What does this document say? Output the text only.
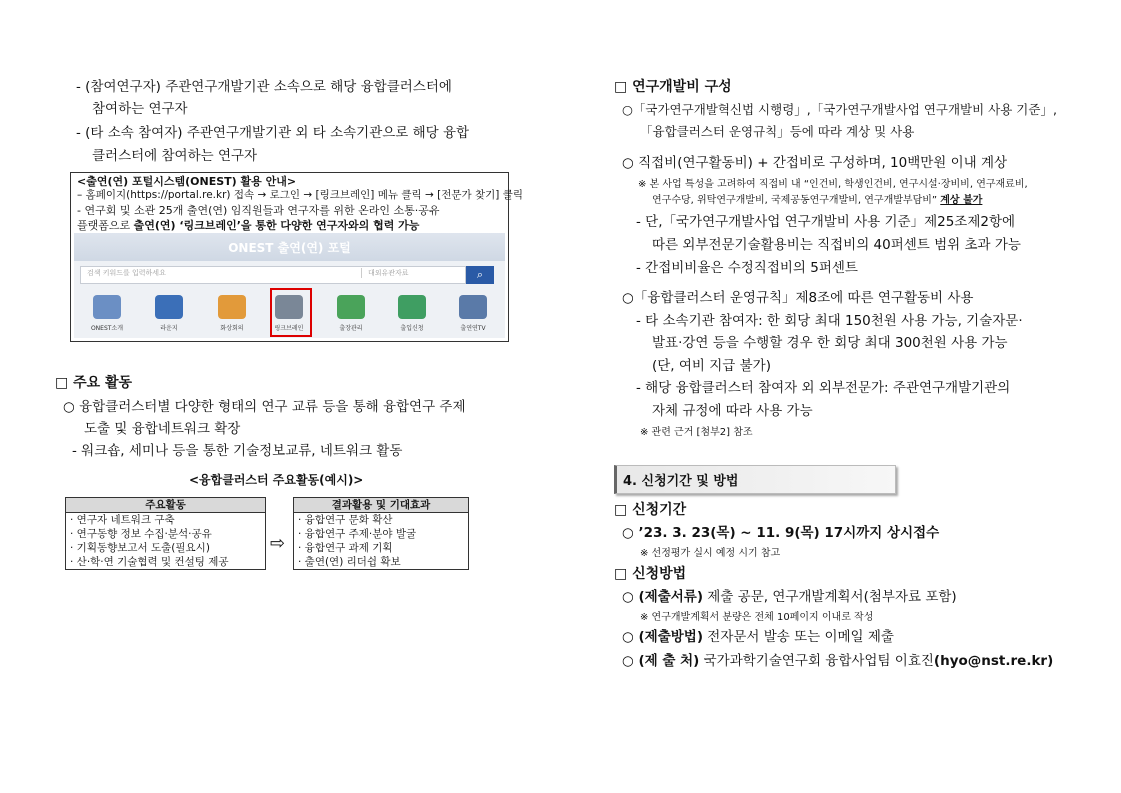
- (참여연구자) 주관연구개발기관 소속으로 해당 융합클러스터에
참여하는 연구자
- (타 소속 참여자) 주관연구개발기관 외 타 소속기관으로 해당 융합
클러스터에 참여하는 연구자
<출연(연) 포털시스템(ONEST) 활용 안내>
– 홈페이지(https://portal.re.kr) 접속 → 로그인 → [링크브레인] 메뉴 클릭 → [전문가 찾기] 클릭
- 연구회 및 소관 25개 출연(연) 임직원들과 연구자를 위한 온라인 소통·공유
플랫폼으로 출연(연) ‘링크브레인’을 통한 다양한 연구자와의 협력 가능
ONEST 출연(연) 포털
검색 키워드를 입력하세요	대외유관자료	⌕
ONEST소개	라운지	화상회의	링크브레인	출장관리	출입신청	출연연TV
□ 주요 활동
○ 융합클러스터별 다양한 형태의 연구 교류 등을 통해 융합연구 주제
도출 및 융합네트워크 확장
- 워크숍, 세미나 등을 통한 기술정보교류, 네트워크 활동
<융합클러스터 주요활동(예시)>
주요활동
· 연구자 네트워크 구축
· 연구동향 정보 수집·분석·공유
· 기획동향보고서 도출(필요시)
· 산·학·연 기술협력 및 컨설팅 제공
⇨
결과활용 및 기대효과
· 융합연구 문화 확산
· 융합연구 주제·분야 발굴
· 융합연구 과제 기획
· 출연(연) 리더쉽 확보
□ 연구개발비 구성
○「국가연구개발혁신법 시행령」,「국가연구개발사업 연구개발비 사용 기준」,
「융합클러스터 운영규칙」등에 따라 계상 및 사용
○ 직접비(연구활동비) + 간접비로 구성하며, 10백만원 이내 계상
※ 본 사업 특성을 고려하여 직접비 내 “인건비, 학생인건비, 연구시설·장비비, 연구재료비,
연구수당, 위탁연구개발비, 국제공동연구개발비, 연구개발부담비” 계상 불가
- 단,「국가연구개발사업 연구개발비 사용 기준」제25조제2항에
따른 외부전문기술활용비는 직접비의 40퍼센트 범위 초과 가능
- 간접비비율은 수정직접비의 5퍼센트
○「융합클러스터 운영규칙」제8조에 따른 연구활동비 사용
- 타 소속기관 참여자: 한 회당 최대 150천원 사용 가능, 기술자문·
발표·강연 등을 수행할 경우 한 회당 최대 300천원 사용 가능
(단, 여비 지급 불가)
- 해당 융합클러스터 참여자 외 외부전문가: 주관연구개발기관의
자체 규정에 따라 사용 가능
※ 관련 근거 [첨부2] 참조
4. 신청기간 및 방법
□ 신청기간
○ ’23. 3. 23(목) ~ 11. 9(목) 17시까지 상시접수
※ 선정평가 실시 예정 시기 참고
□ 신청방법
○ (제출서류) 제출 공문, 연구개발계획서(첨부자료 포함)
※ 연구개발계획서 분량은 전체 10페이지 이내로 작성
○ (제출방법) 전자문서 발송 또는 이메일 제출
○ (제 출 처) 국가과학기술연구회 융합사업팀 이효진(hyo@nst.re.kr)
